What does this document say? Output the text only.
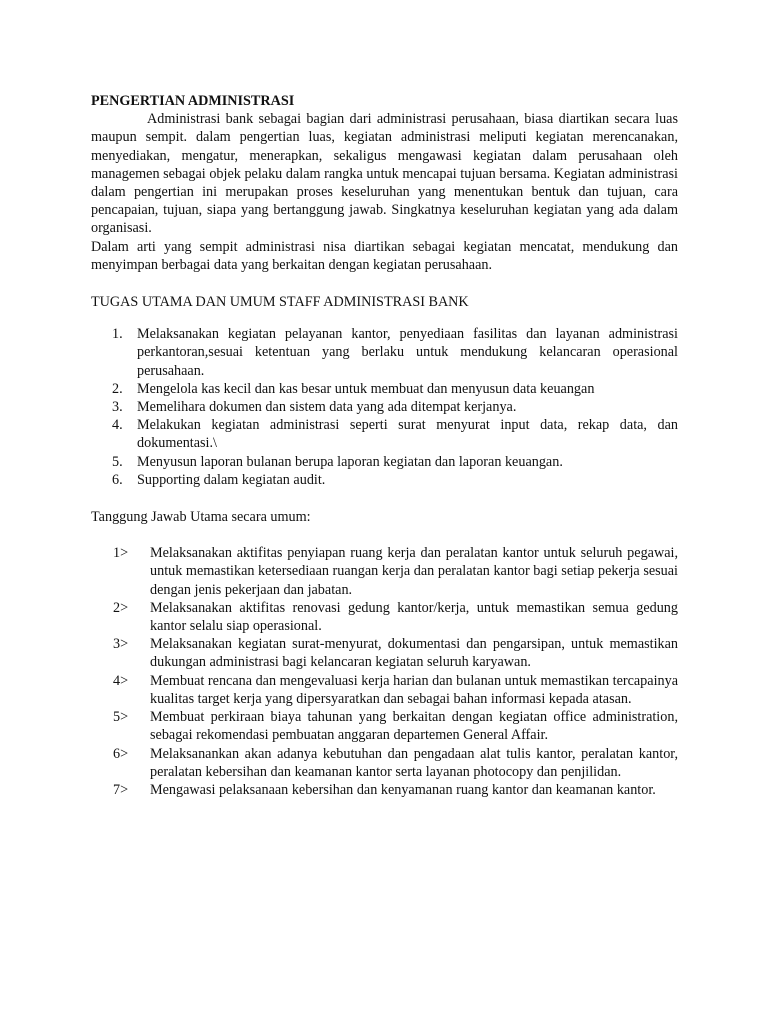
PENGERTIAN ADMINISTRASI

Administrasi bank sebagai bagian dari administrasi perusahaan, biasa diartikan secara luas maupun sempit. dalam pengertian luas, kegiatan administrasi meliputi kegiatan merencanakan, menyediakan, mengatur, menerapkan, sekaligus mengawasi kegiatan dalam perusahaan oleh managemen sebagai objek pelaku dalam rangka untuk mencapai tujuan bersama. Kegiatan administrasi dalam pengertian ini merupakan proses keseluruhan yang menentukan bentuk dan tujuan, cara pencapaian, tujuan, siapa yang bertanggung jawab. Singkatnya keseluruhan kegiatan yang ada dalam organisasi.

Dalam arti yang sempit administrasi nisa diartikan sebagai kegiatan mencatat, mendukung dan menyimpan berbagai data yang berkaitan dengan kegiatan perusahaan.

TUGAS UTAMA DAN UMUM STAFF ADMINISTRASI BANK
1. Melaksanakan kegiatan pelayanan kantor, penyediaan fasilitas dan layanan administrasi perkantoran,sesuai ketentuan yang berlaku untuk mendukung kelancaran operasional perusahaan.
2. Mengelola kas kecil dan kas besar untuk membuat dan menyusun data keuangan
3. Memelihara dokumen dan sistem data yang ada ditempat kerjanya.
4. Melakukan kegiatan administrasi seperti surat menyurat input data, rekap data, dan dokumentasi.\
5. Menyusun laporan bulanan berupa laporan kegiatan dan laporan keuangan.
6. Supporting dalam kegiatan audit.
Tanggung Jawab Utama secara umum:
1> Melaksanakan aktifitas penyiapan ruang kerja dan peralatan kantor untuk seluruh pegawai, untuk memastikan ketersediaan ruangan kerja dan peralatan kantor bagi setiap pekerja sesuai dengan jenis pekerjaan dan jabatan.
2> Melaksanakan aktifitas renovasi gedung kantor/kerja, untuk memastikan semua gedung kantor selalu siap operasional.
3> Melaksanakan kegiatan surat-menyurat, dokumentasi dan pengarsipan, untuk memastikan dukungan administrasi bagi kelancaran kegiatan seluruh karyawan.
4> Membuat rencana dan mengevaluasi kerja harian dan bulanan untuk memastikan tercapainya kualitas target kerja yang dipersyaratkan dan sebagai bahan informasi kepada atasan.
5> Membuat perkiraan biaya tahunan yang berkaitan dengan kegiatan office administration, sebagai rekomendasi pembuatan anggaran departemen General Affair.
6> Melaksanankan akan adanya kebutuhan dan pengadaan alat tulis kantor, peralatan kantor, peralatan kebersihan dan keamanan kantor serta layanan photocopy dan penjilidan.
7> Mengawasi pelaksanaan kebersihan dan kenyamanan ruang kantor dan keamanan kantor.
